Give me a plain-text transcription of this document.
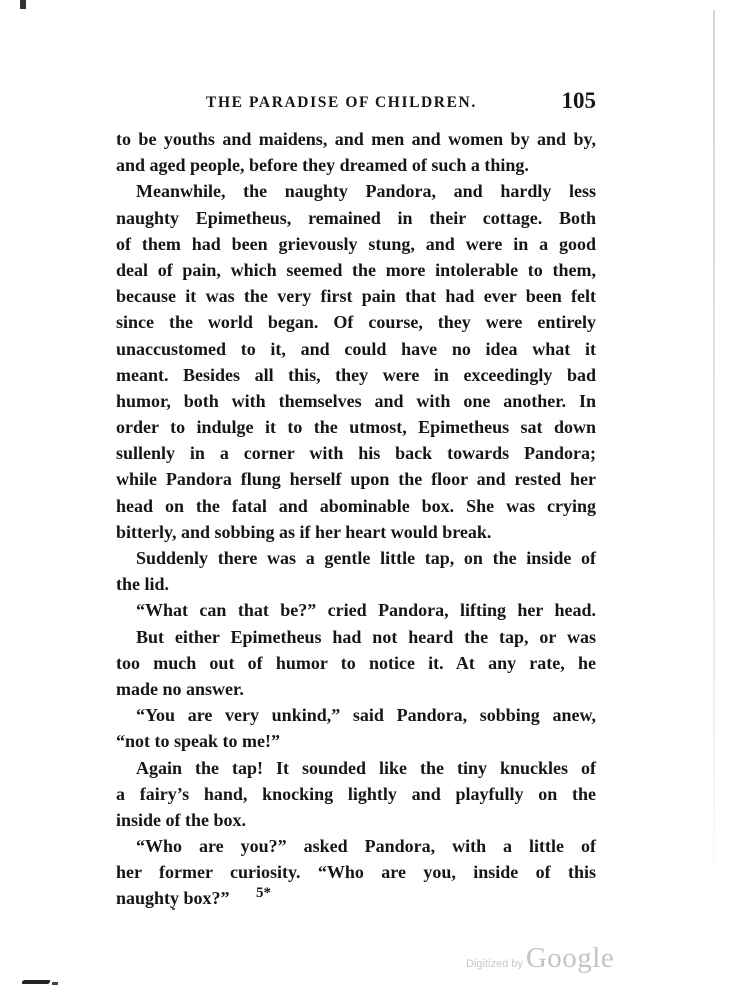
THE PARADISE OF CHILDREN.	105
to be youths and maidens, and men and women by and by,
and aged people, before they dreamed of such a thing.
Meanwhile, the naughty Pandora, and hardly less
naughty Epimetheus, remained in their cottage. Both
of them had been grievously stung, and were in a good
deal of pain, which seemed the more intolerable to them,
because it was the very first pain that had ever been felt
since the world began. Of course, they were entirely
unaccustomed to it, and could have no idea what it
meant. Besides all this, they were in exceedingly bad
humor, both with themselves and with one another. In
order to indulge it to the utmost, Epimetheus sat down
sullenly in a corner with his back towards Pandora;
while Pandora flung herself upon the floor and rested her
head on the fatal and abominable box. She was crying
bitterly, and sobbing as if her heart would break.
Suddenly there was a gentle little tap, on the inside of
the lid.
“What can that be?” cried Pandora, lifting her head.
But either Epimetheus had not heard the tap, or was
too much out of humor to notice it. At any rate, he
made no answer.
“You are very unkind,” said Pandora, sobbing anew,
“not to speak to me!”
Again the tap! It sounded like the tiny knuckles of
a fairy’s hand, knocking lightly and playfully on the
inside of the box.
“Who are you?” asked Pandora, with a little of
her former curiosity. “Who are you, inside of this
naughty box?”	5*
Digitized by Google
